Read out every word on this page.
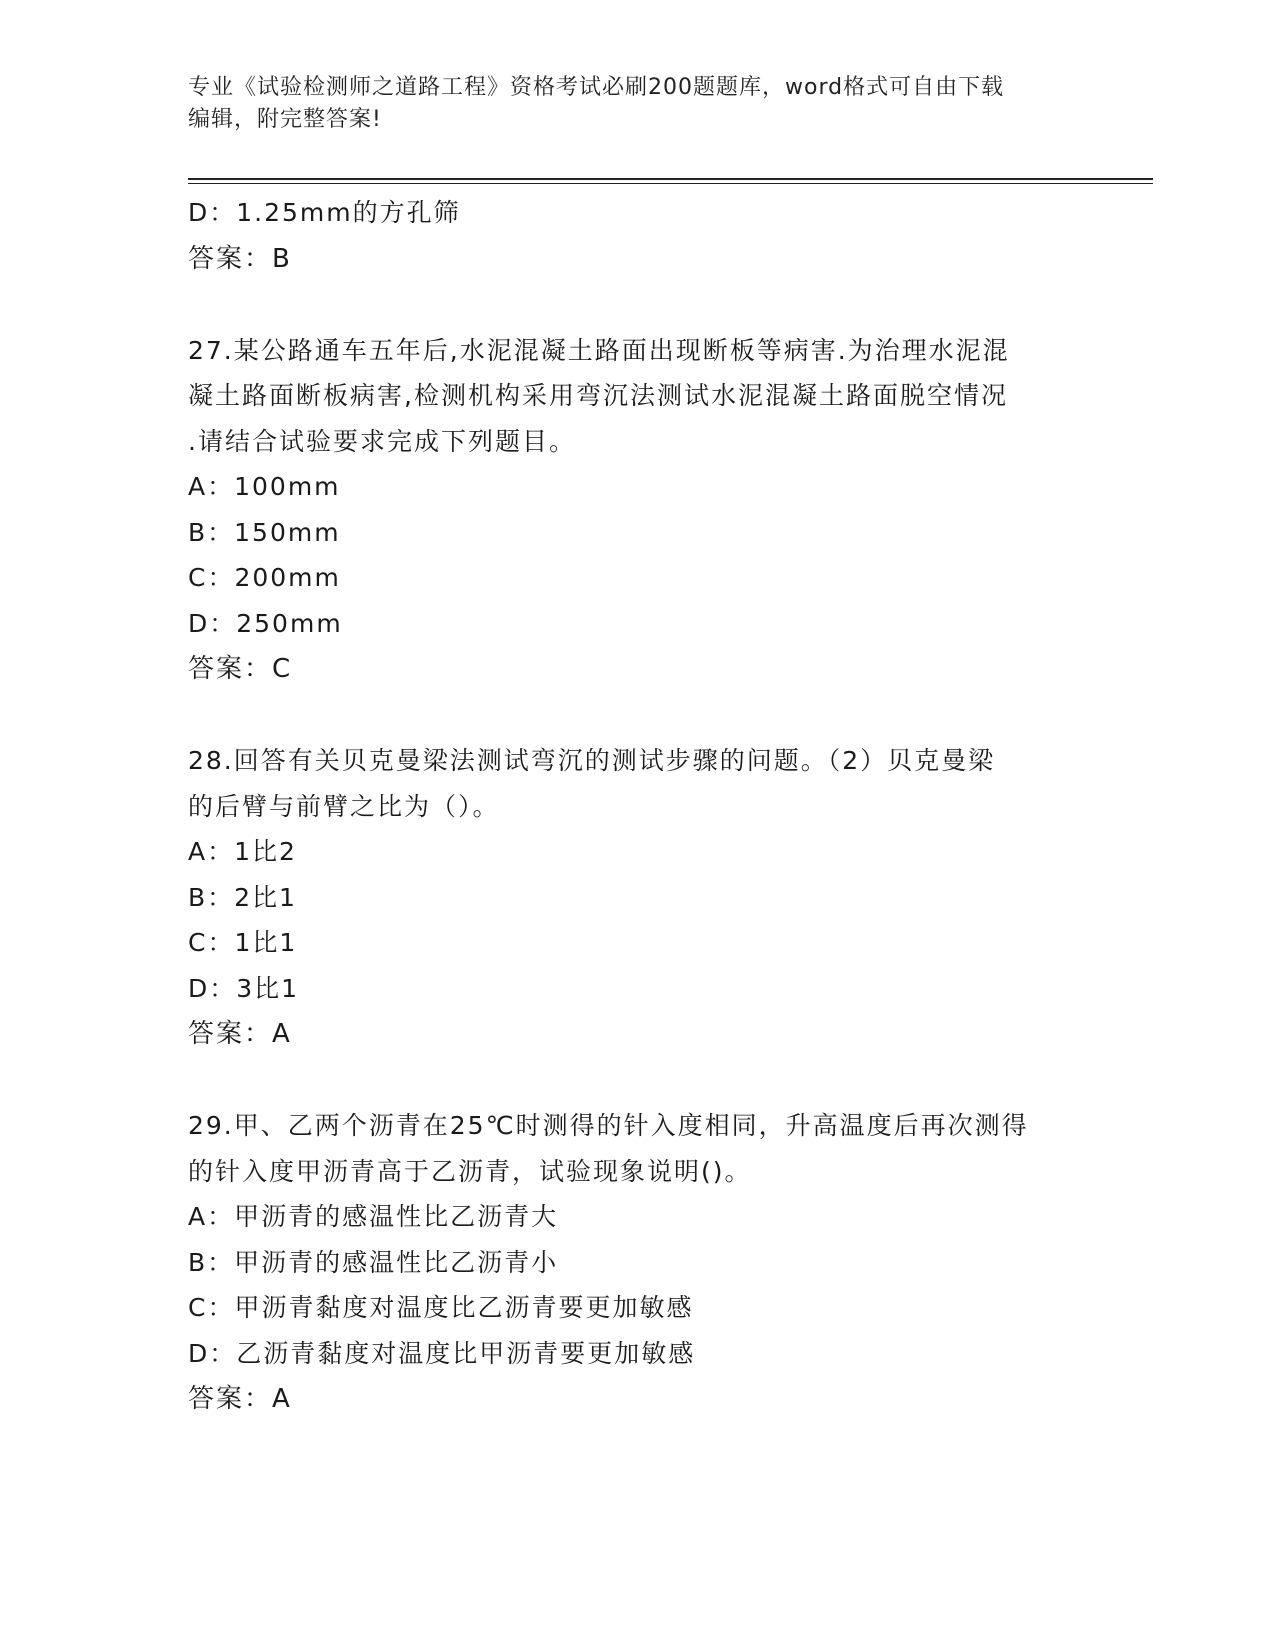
专业《试验检测师之道路工程》资格考试必刷200题题库，word格式可自由下载
编辑，附完整答案!
D：1.25mm的方孔筛
答案：B
27.某公路通车五年后,水泥混凝土路面出现断板等病害.为治理水泥混
凝土路面断板病害,检测机构采用弯沉法测试水泥混凝土路面脱空情况
.请结合试验要求完成下列题目。
A：100mm
B：150mm
C：200mm
D：250mm
答案：C
28.回答有关贝克曼梁法测试弯沉的测试步骤的问题。（2）贝克曼梁
的后臂与前臂之比为（）。
A：1比2
B：2比1
C：1比1
D：3比1
答案：A
29.甲、乙两个沥青在25℃时测得的针入度相同，升高温度后再次测得
的针入度甲沥青高于乙沥青，试验现象说明()。
A：甲沥青的感温性比乙沥青大
B：甲沥青的感温性比乙沥青小
C：甲沥青黏度对温度比乙沥青要更加敏感
D：乙沥青黏度对温度比甲沥青要更加敏感
答案：A
